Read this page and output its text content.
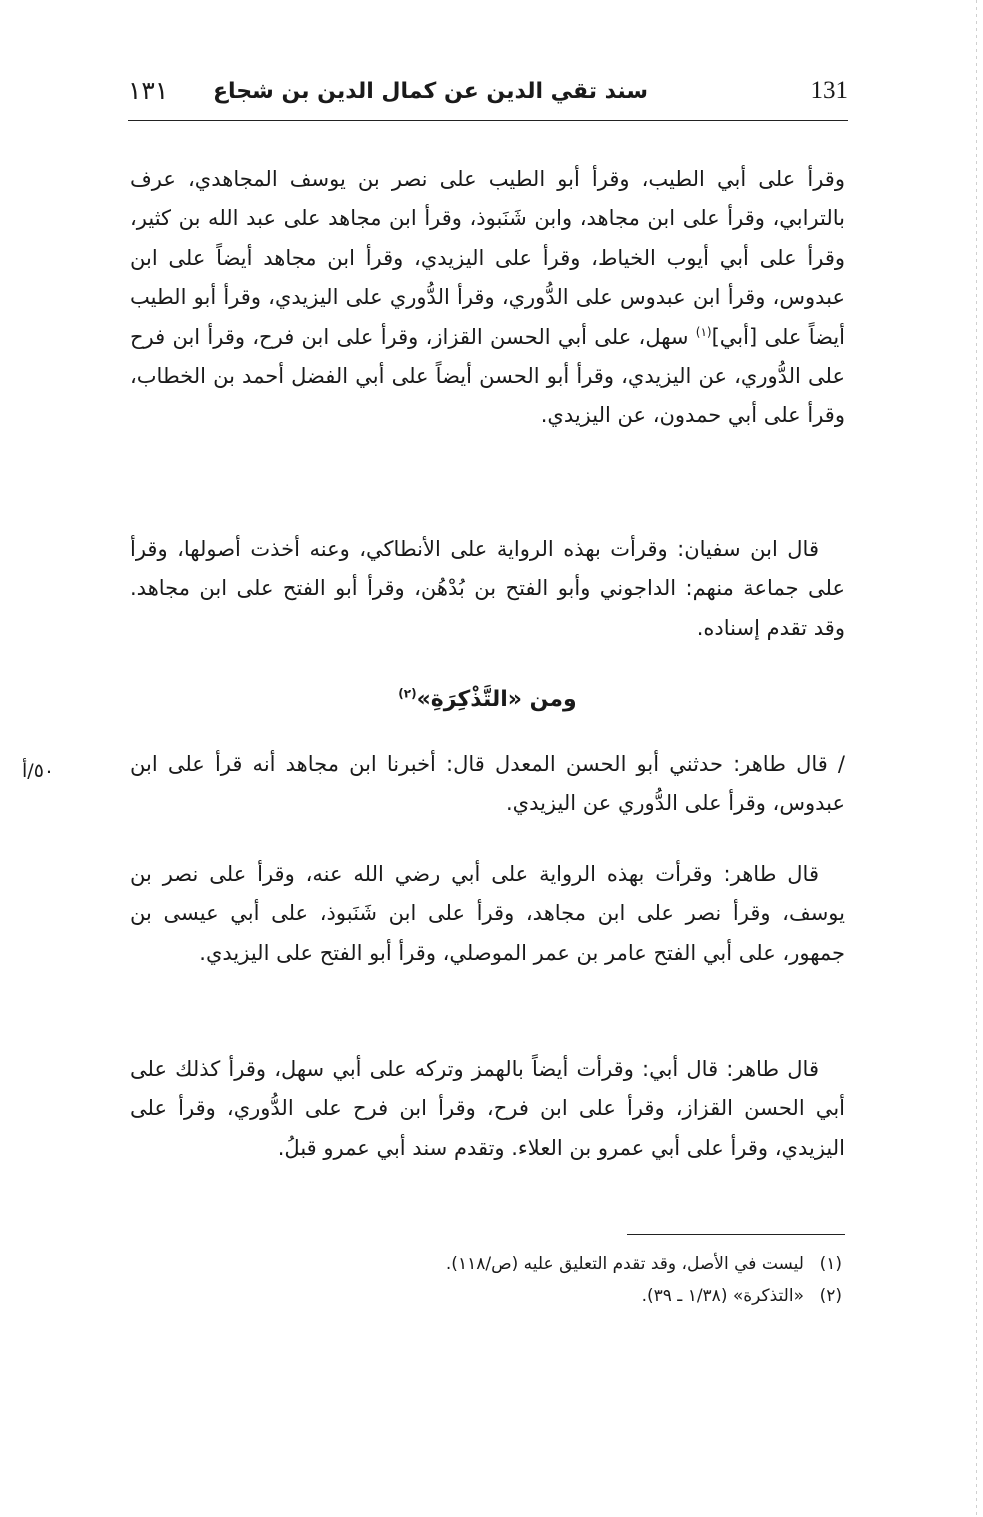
١٣١ سند تقي الدين عن كمال الدين بن شجاع	131
وقرأ على أبي الطيب، وقرأ أبو الطيب على نصر بن يوسف المجاهدي، عرف بالترابي، وقرأ على ابن مجاهد، وابن شَنَبوذ، وقرأ ابن مجاهد على عبد الله بن كثير، وقرأ على أبي أيوب الخياط، وقرأ على اليزيدي، وقرأ ابن مجاهد أيضاً على ابن عبدوس، وقرأ ابن عبدوس على الدُّوري، وقرأ الدُّوري على اليزيدي، وقرأ أبو الطيب أيضاً على [أبي]$^{(١)}$ سهل، على أبي الحسن القزاز، وقرأ على ابن فرح، وقرأ ابن فرح على الدُّوري، عن اليزيدي، وقرأ أبو الحسن أيضاً على أبي الفضل أحمد بن الخطاب، وقرأ على أبي حمدون، عن اليزيدي.
قال ابن سفيان: وقرأت بهذه الرواية على الأنطاكي، وعنه أخذت أصولها، وقرأ على جماعة منهم: الداجوني وأبو الفتح بن بُدْهُن، وقرأ أبو الفتح على ابن مجاهد. وقد تقدم إسناده.
ومن «التَّذْكِرَةِ»$^{(٢)}$
٥٠/أ	/ قال طاهر: حدثني أبو الحسن المعدل قال: أخبرنا ابن مجاهد أنه قرأ على ابن عبدوس، وقرأ على الدُّوري عن اليزيدي.
قال طاهر: وقرأت بهذه الرواية على أبي رضي الله عنه، وقرأ على نصر بن يوسف، وقرأ نصر على ابن مجاهد، وقرأ على ابن شَنَبوذ، على أبي عيسى بن جمهور، على أبي الفتح عامر بن عمر الموصلي، وقرأ أبو الفتح على اليزيدي.
قال طاهر: قال أبي: وقرأت أيضاً بالهمز وتركه على أبي سهل، وقرأ كذلك على أبي الحسن القزاز، وقرأ على ابن فرح، وقرأ ابن فرح على الدُّوري، وقرأ على اليزيدي، وقرأ على أبي عمرو بن العلاء. وتقدم سند أبي عمرو قبلُ.
(١)ليست في الأصل، وقد تقدم التعليق عليه (ص/١١٨).
(٢)«التذكرة» (١/٣٨ ـ ٣٩).
